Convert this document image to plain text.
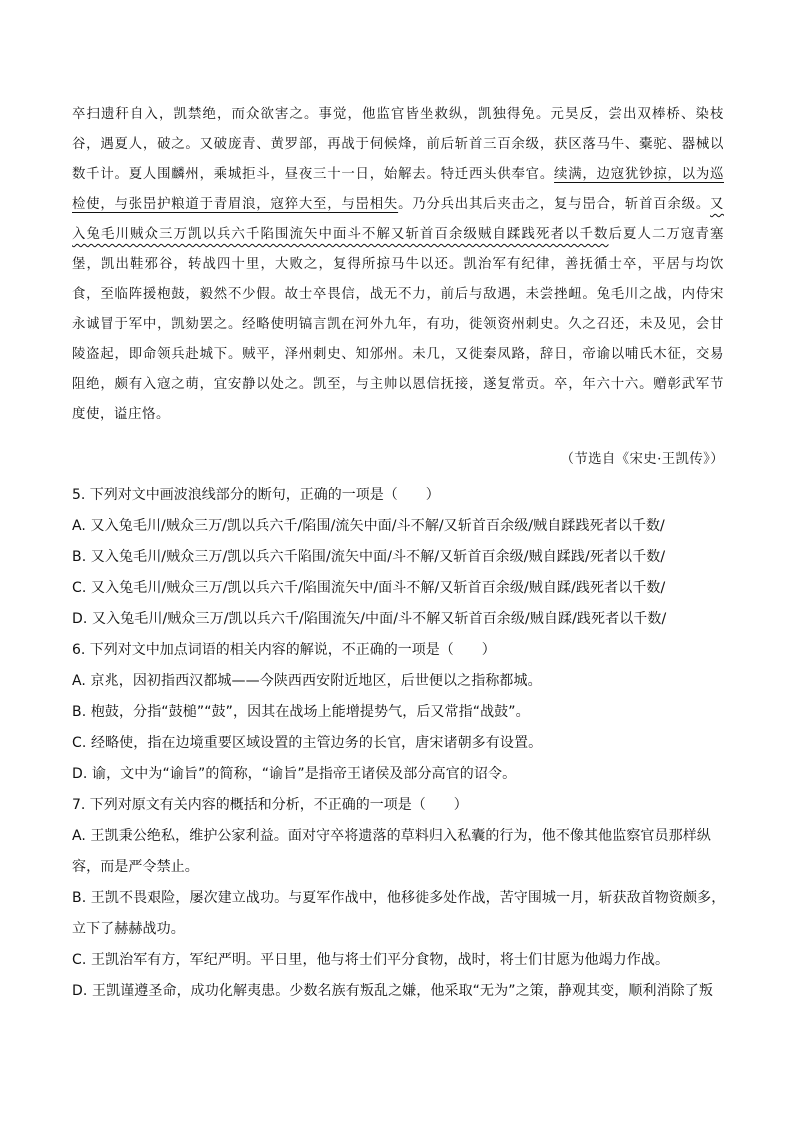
卒扫遗秆自入，凯禁绝，而众欲害之。事觉，他监官皆坐救纵，凯独得免。元昊反，尝出双棒桥、染枝谷，遇夏人，破之。又破庞青、黄罗部，再战于伺候烽，前后斩首三百余级，获区落马牛、橐驼、器械以数千计。夏人围麟州，乘城拒斗，昼夜三十一日，始解去。特迁西头供奉官。续满，边寇犹钞掠，以为巡检使，与张岊护粮道于青眉浪，寇猝大至，与岊相失。乃分兵出其后夹击之，复与岊合，斩首百余级。又入兔毛川贼众三万凯以兵六千陷围流矢中面斗不解又斩首百余级贼自蹂践死者以千数后夏人二万寇青塞堡，凯出鞋邪谷，转战四十里，大败之，复得所掠马牛以还。凯治军有纪律，善抚循士卒，平居与均饮食，至临阵援枹鼓，毅然不少假。故士卒畏信，战无不力，前后与敌遇，未尝挫衄。兔毛川之战，内侍宋永诚冒于军中，凯劾罢之。经略使明镐言凯在河外九年，有功，徙领资州刺史。久之召还，未及见，会甘陵盗起，即命领兵赴城下。贼平，泽州刺史、知邠州。未几，又徙秦凤路，辞日，帝谕以哺氏木征，交易阻绝，颇有入寇之萌，宜安静以处之。凯至，与主帅以恩信抚接，遂复常贡。卒，年六十六。赠彰武军节度使，谥庄恪。

（节选自《宋史·王凯传》）

5. 下列对文中画波浪线部分的断句，正确的一项是（　　）

A. 又入兔毛川/贼众三万/凯以兵六千/陷围/流矢中面/斗不解/又斩首百余级/贼自蹂践死者以千数/

B. 又入兔毛川/贼众三万/凯以兵六千陷围/流矢中面/斗不解/又斩首百余级/贼自蹂践/死者以千数/

C. 又入兔毛川/贼众三万/凯以兵六千/陷围流矢中/面斗不解/又斩首百余级/贼自蹂/践死者以千数/

D. 又入兔毛川/贼众三万/凯以兵六千/陷围流矢/中面/斗不解又斩首百余级/贼自蹂/践死者以千数/

6. 下列对文中加点词语的相关内容的解说，不正确的一项是（　　）

A. 京兆，因初指西汉都城——今陕西西安附近地区，后世便以之指称都城。

B. 枹鼓，分指“鼓槌”“鼓”，因其在战场上能增提势气，后又常指“战鼓”。

C. 经略使，指在边境重要区域设置的主管边务的长官，唐宋诸朝多有设置。

D. 谕，文中为“谕旨”的简称，“谕旨”是指帝王诸侯及部分高官的诏令。

7. 下列对原文有关内容的概括和分析，不正确的一项是（　　）

A. 王凯秉公绝私，维护公家利益。面对守卒将遗落的草料归入私囊的行为，他不像其他监察官员那样纵容，而是严令禁止。

B. 王凯不畏艰险，屡次建立战功。与夏军作战中，他移徙多处作战，苦守围城一月，斩获敌首物资颇多，立下了赫赫战功。

C. 王凯治军有方，军纪严明。平日里，他与将士们平分食物，战时，将士们甘愿为他竭力作战。

D. 王凯谨遵圣命，成功化解夷患。少数名族有叛乱之嫌，他采取“无为”之策，静观其变，顺利消除了叛
